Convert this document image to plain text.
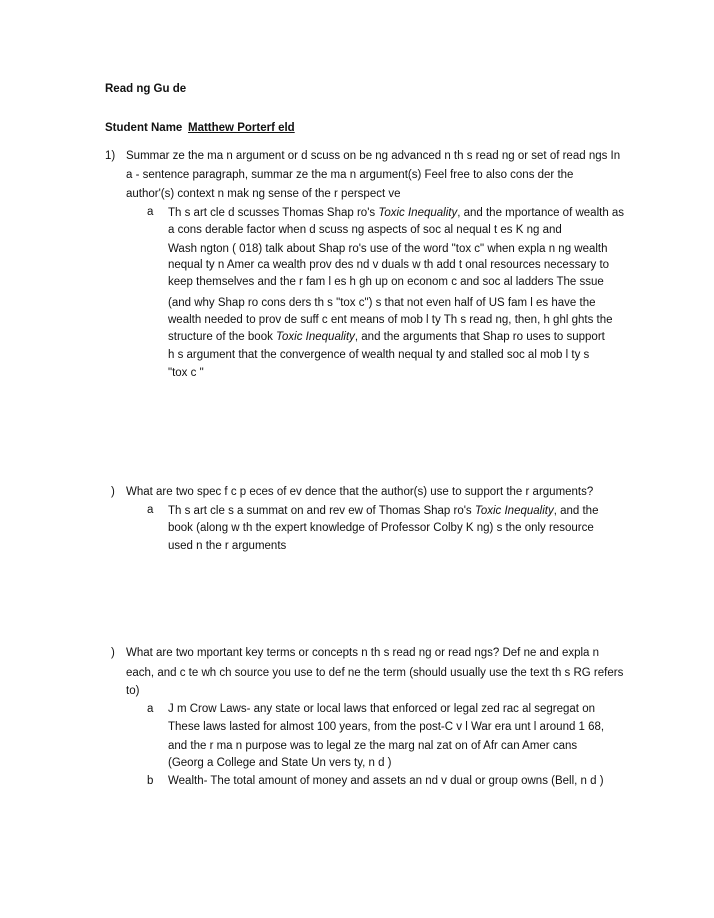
Read ng Gu de
Student Name Matthew Porterf eld
1) Summar ze the ma n argument or d scuss on be ng advanced n th s read ng or set of read ngs In
a - sentence paragraph, summar ze the ma n argument(s) Feel free to also cons der the
author'(s) context n mak ng sense of the r perspect ve
a Th s art cle d scusses Thomas Shap ro's Toxic Inequality, and the mportance of wealth as
a cons derable factor when d scuss ng aspects of soc al nequal t es K ng and
Wash ngton ( 018) talk about Shap ro's use of the word "tox c" when expla n ng wealth
nequal ty n Amer ca wealth prov des nd v duals w th add t onal resources necessary to
keep themselves and the r fam l es h gh up on econom c and soc al ladders The ssue
(and why Shap ro cons ders th s "tox c") s that not even half of US fam l es have the
wealth needed to prov de suff c ent means of mob l ty Th s read ng, then, h ghl ghts the
structure of the book Toxic Inequality, and the arguments that Shap ro uses to support
h s argument that the convergence of wealth nequal ty and stalled soc al mob l ty s
"tox c "
) What are two spec f c p eces of ev dence that the author(s) use to support the r arguments?
a Th s art cle s a summat on and rev ew of Thomas Shap ro's Toxic Inequality, and the
book (along w th the expert knowledge of Professor Colby K ng) s the only resource
used n the r arguments
) What are two mportant key terms or concepts n th s read ng or read ngs? Def ne and expla n
each, and c te wh ch source you use to def ne the term (should usually use the text th s RG refers
to)
a J m Crow Laws- any state or local laws that enforced or legal zed rac al segregat on
These laws lasted for almost 100 years, from the post-C v l War era unt l around 1 68,
and the r ma n purpose was to legal ze the marg nal zat on of Afr can Amer cans
(Georg a College and State Un vers ty, n d )
b Wealth- The total amount of money and assets an nd v dual or group owns (Bell, n d )
